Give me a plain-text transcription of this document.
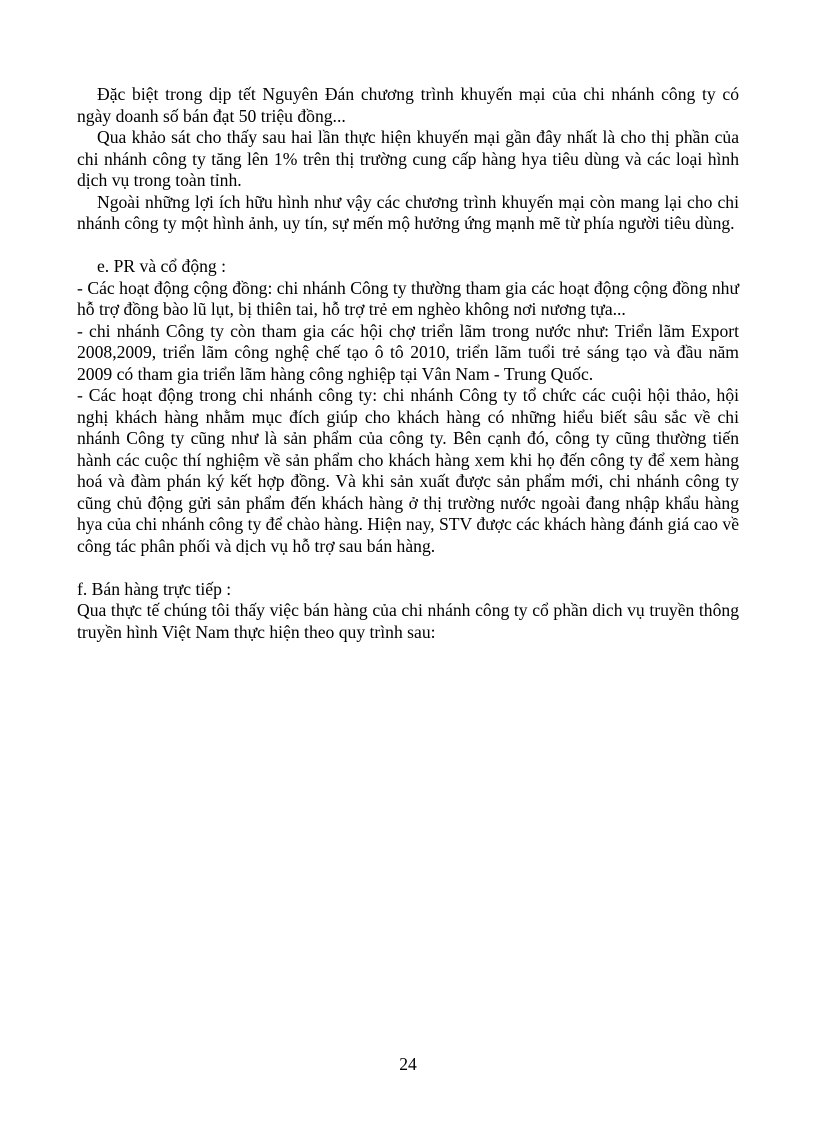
Đặc biệt trong dịp tết Nguyên Đán chương trình khuyến mại của chi nhánh công ty có ngày doanh số bán đạt 50 triệu đồng...

Qua khảo sát cho thấy sau hai lần thực hiện khuyến mại gần đây nhất là cho thị phần của chi nhánh công ty tăng lên 1% trên thị trường cung cấp hàng hya tiêu dùng và các loại hình dịch vụ trong toàn tỉnh.

Ngoài những lợi ích hữu hình như vậy các chương trình khuyến mại còn mang lại cho chi nhánh công ty một hình ảnh, uy tín, sự mến mộ hưởng ứng mạnh mẽ từ phía người tiêu dùng.

e. PR và cổ động :

- Các hoạt động cộng đồng: chi nhánh Công ty thường tham gia các hoạt động cộng đồng như hỗ trợ đồng bào lũ lụt, bị thiên tai, hỗ trợ trẻ em nghèo không nơi nương tựa...

- chi nhánh Công ty còn tham gia các hội chợ triển lãm trong nước như: Triển lãm Export 2008,2009, triển lãm công nghệ chế tạo ô tô 2010, triển lãm tuổi trẻ sáng tạo và đầu năm 2009 có tham gia triển lãm hàng công nghiệp tại Vân Nam - Trung Quốc.

- Các hoạt động trong chi nhánh công ty: chi nhánh Công ty tổ chức các cuội hội thảo, hội nghị khách hàng nhằm mục đích giúp cho khách hàng có những hiểu biết sâu sắc về chi nhánh Công ty cũng như là sản phẩm của công ty. Bên cạnh đó, công ty cũng thường tiến hành các cuộc thí nghiệm về sản phẩm cho khách hàng xem khi họ đến công ty để xem hàng hoá và đàm phán ký kết hợp đồng. Và khi sản xuất được sản phẩm mới, chi nhánh công ty cũng chủ động gửi sản phẩm đến khách hàng ở thị trường nước ngoài đang nhập khẩu hàng hya của chi nhánh công ty để chào hàng. Hiện nay, STV được các khách hàng đánh giá cao về công tác phân phối và dịch vụ hỗ trợ sau bán hàng.

f. Bán hàng trực tiếp :

Qua thực tế chúng tôi thấy việc bán hàng của chi nhánh công ty cổ phần dich vụ truyền thông truyền hình Việt Nam thực hiện theo quy trình sau:

24
